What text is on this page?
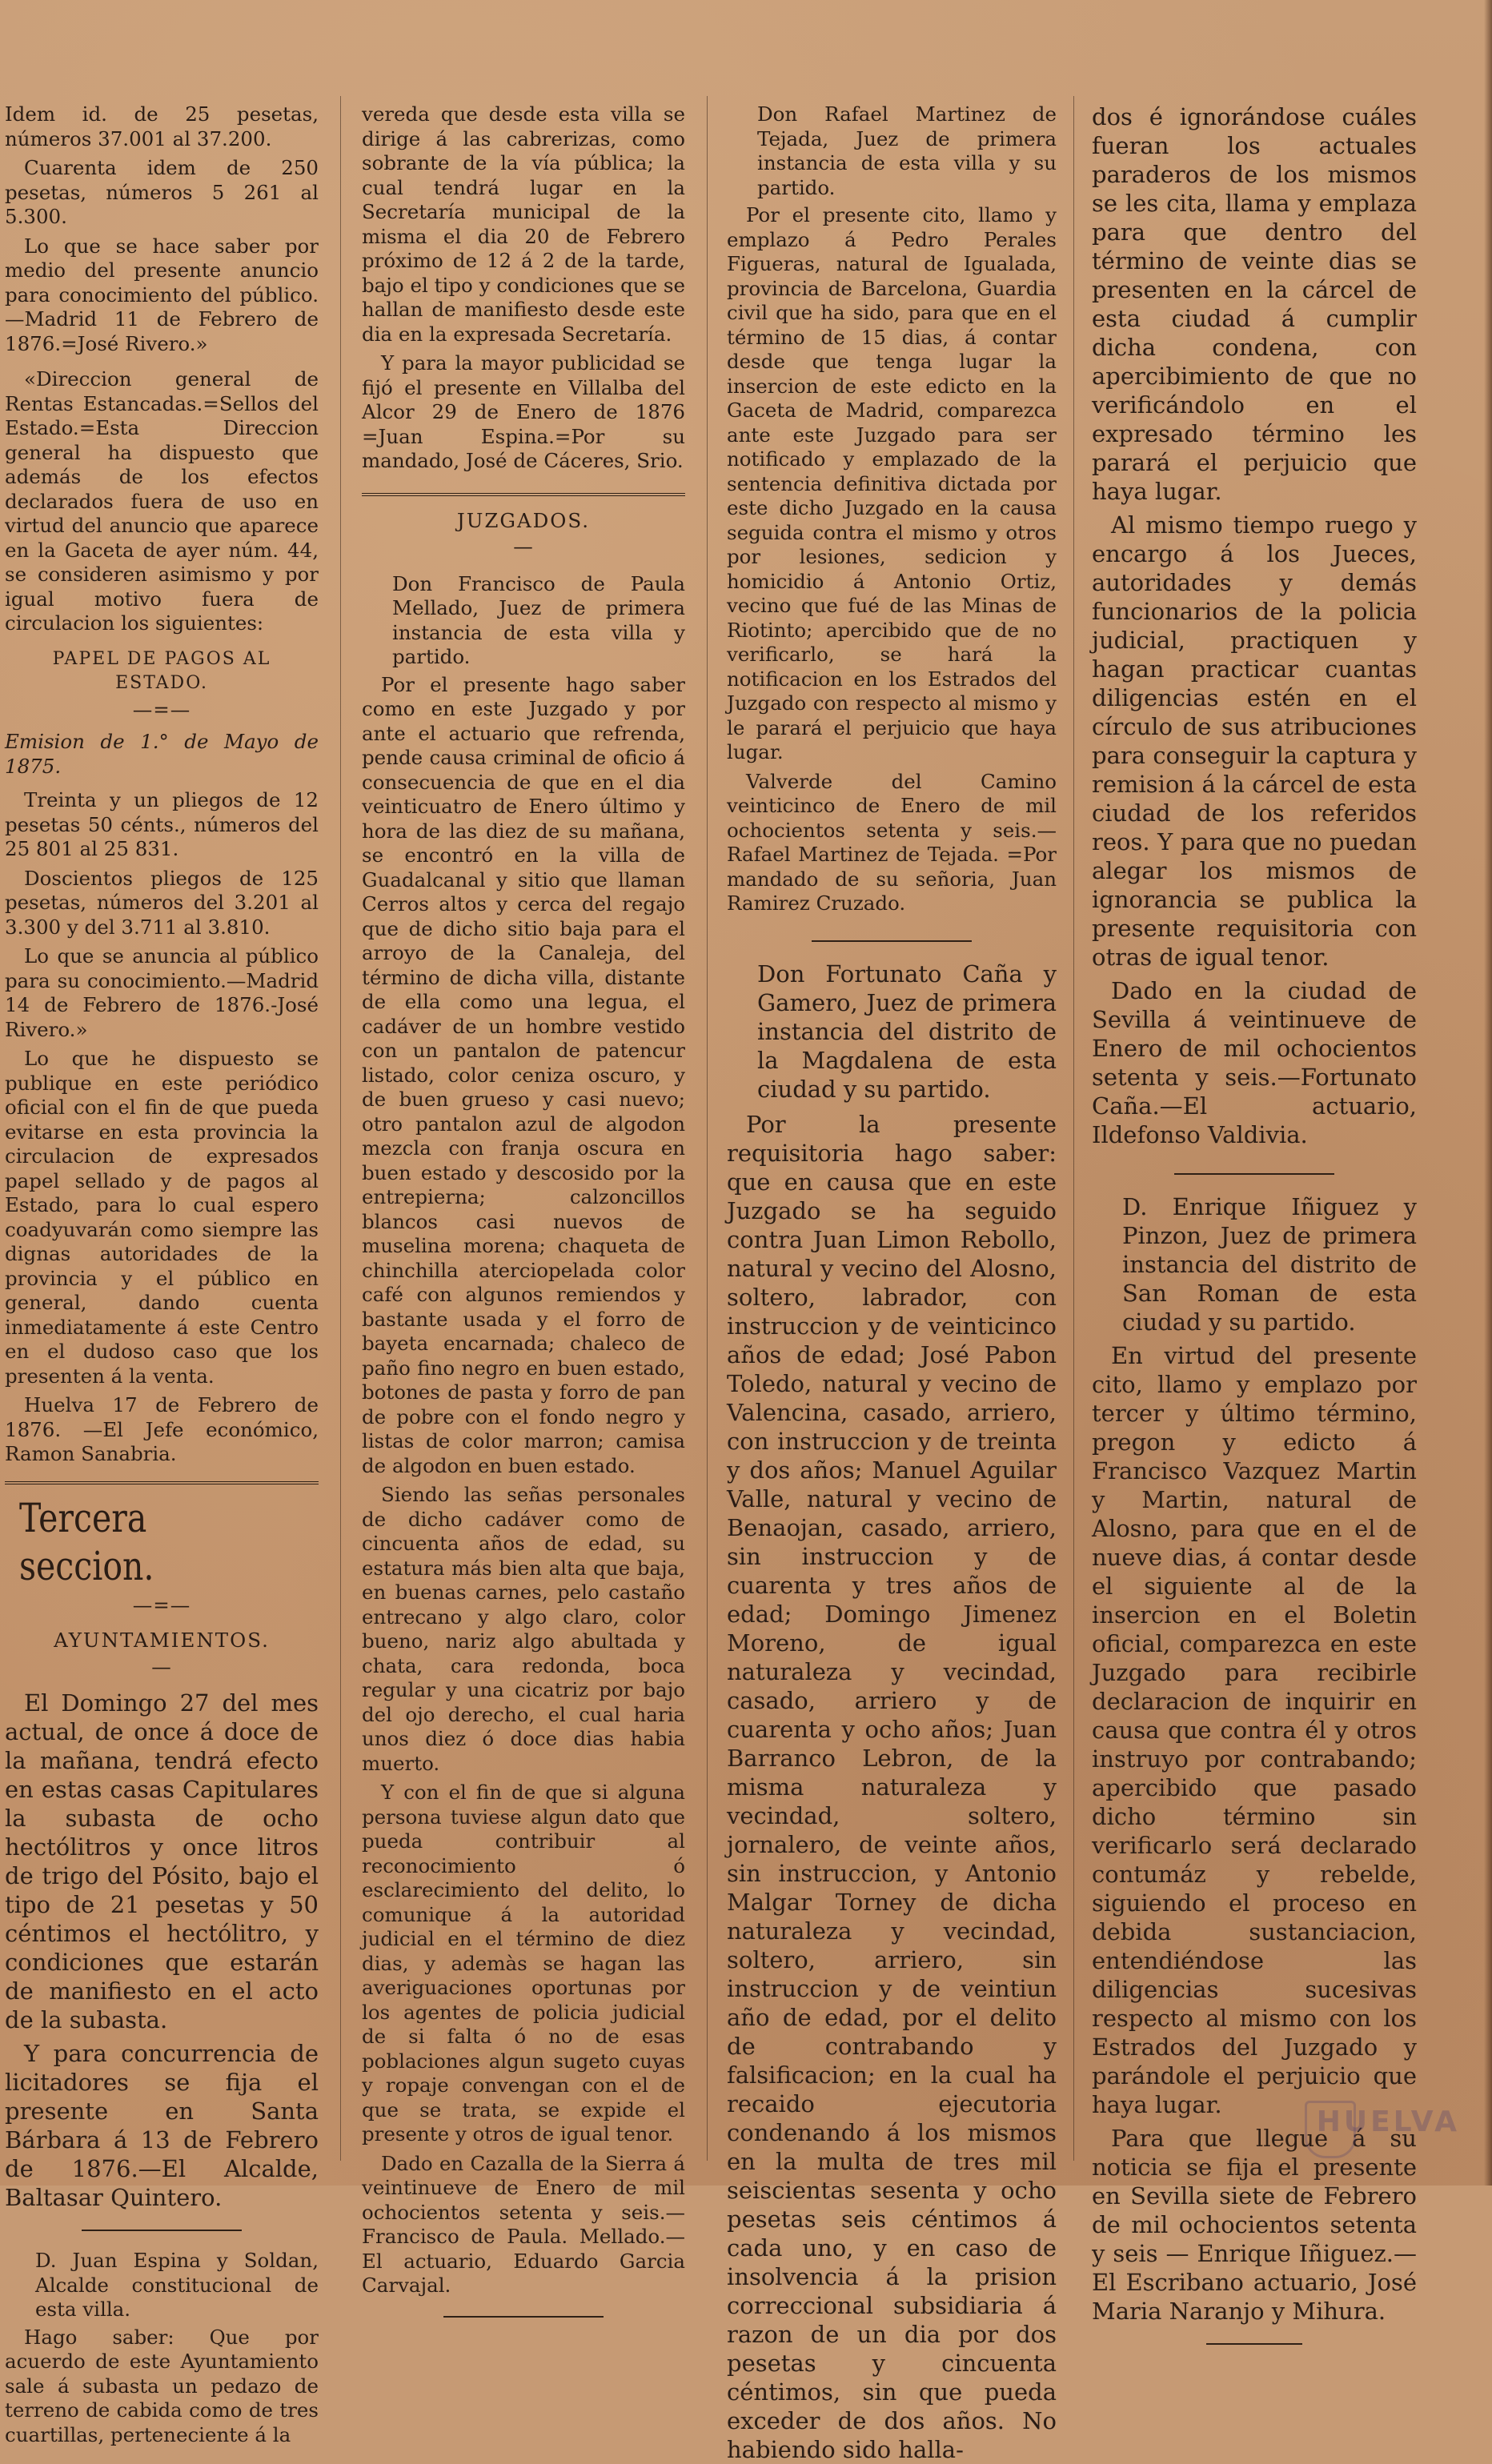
Idem id. de 25 pesetas, números 37.001 al 37.200.

Cuarenta idem de 250 pesetas, números 5 261 al 5.300.

Lo que se hace saber por medio del presente anuncio para conocimiento del público.—Madrid 11 de Febrero de 1876.=José Rivero.»

«Direccion general de Rentas Estancadas.=Sellos del Estado.=Esta Direccion general ha dispuesto que además de los efectos declarados fuera de uso en virtud del anuncio que aparece en la Gaceta de ayer núm. 44, se consideren asimismo y por igual motivo fuera de circulacion los siguientes:

PAPEL DE PAGOS AL ESTADO.
—=—

Emision de 1.° de Mayo de 1875.

Treinta y un pliegos de 12 pesetas 50 cénts., números del 25 801 al 25 831.

Doscientos pliegos de 125 pesetas, números del 3.201 al 3.300 y del 3.711 al 3.810.

Lo que se anuncia al público para su conocimiento.—Madrid 14 de Febrero de 1876.-José Rivero.»

Lo que he dispuesto se publique en este periódico oficial con el fin de que pueda evitarse en esta provincia la circulacion de expresados papel sellado y de pagos al Estado, para lo cual espero coadyuvarán como siempre las dignas autoridades de la provincia y el público en general, dando cuenta inmediatamente á este Centro en el dudoso caso que los presenten á la venta.

Huelva 17 de Febrero de 1876. —El Jefe económico, Ramon Sanabria.

Tercera seccion.
—=—
AYUNTAMIENTOS.
—

El Domingo 27 del mes actual, de once á doce de la mañana, tendrá efecto en estas casas Capitulares la subasta de ocho hectólitros y once litros de trigo del Pósito, bajo el tipo de 21 pesetas y 50 céntimos el hectólitro, y condiciones que estarán de manifiesto en el acto de la subasta.

Y para concurrencia de licitadores se fija el presente en Santa Bárbara á 13 de Febrero de 1876.—El Alcalde, Baltasar Quintero.

D. Juan Espina y Soldan, Alcalde constitucional de esta villa.

Hago saber: Que por acuerdo de este Ayuntamiento sale á subasta un pedazo de terreno de cabida como de tres cuartillas, perteneciente á la

vereda que desde esta villa se dirige á las cabrerizas, como sobrante de la vía pública; la cual tendrá lugar en la Secretaría municipal de la misma el dia 20 de Febrero próximo de 12 á 2 de la tarde, bajo el tipo y condiciones que se hallan de manifiesto desde este dia en la expresada Secretaría.

Y para la mayor publicidad se fijó el presente en Villalba del Alcor 29 de Enero de 1876 =Juan Espina.=Por su mandado, José de Cáceres, Srio.

JUZGADOS.
—

Don Francisco de Paula Mellado, Juez de primera instancia de esta villa y partido.

Por el presente hago saber como en este Juzgado y por ante el actuario que refrenda, pende causa criminal de oficio á consecuencia de que en el dia veinticuatro de Enero último y hora de las diez de su mañana, se encontró en la villa de Guadalcanal y sitio que llaman Cerros altos y cerca del regajo que de dicho sitio baja para el arroyo de la Canaleja, del término de dicha villa, distante de ella como una legua, el cadáver de un hombre vestido con un pantalon de patencur listado, color ceniza oscuro, y de buen grueso y casi nuevo; otro pantalon azul de algodon mezcla con franja oscura en buen estado y descosido por la entrepierna; calzoncillos blancos casi nuevos de muselina morena; chaqueta de chinchilla aterciopelada color café con algunos remiendos y bastante usada y el forro de bayeta encarnada; chaleco de paño fino negro en buen estado, botones de pasta y forro de pan de pobre con el fondo negro y listas de color marron; camisa de algodon en buen estado.

Siendo las señas personales de dicho cadáver como de cincuenta años de edad, su estatura más bien alta que baja, en buenas carnes, pelo castaño entrecano y algo claro, color bueno, nariz algo abultada y chata, cara redonda, boca regular y una cicatriz por bajo del ojo derecho, el cual haria unos diez ó doce dias habia muerto.

Y con el fin de que si alguna persona tuviese algun dato que pueda contribuir al reconocimiento ó esclarecimiento del delito, lo comunique á la autoridad judicial en el término de diez dias, y ademàs se hagan las averiguaciones oportunas por los agentes de policia judicial de si falta ó no de esas poblaciones algun sugeto cuyas y ropaje convengan con el de que se trata, se expide el presente y otros de igual tenor.

Dado en Cazalla de la Sierra á veintinueve de Enero de mil ochocientos setenta y seis.—Francisco de Paula. Mellado.—El actuario, Eduardo Garcia Carvajal.

Don Rafael Martinez de Tejada, Juez de primera instancia de esta villa y su partido.

Por el presente cito, llamo y emplazo á Pedro Perales Figueras, natural de Igualada, provincia de Barcelona, Guardia civil que ha sido, para que en el término de 15 dias, á contar desde que tenga lugar la insercion de este edicto en la Gaceta de Madrid, comparezca ante este Juzgado para ser notificado y emplazado de la sentencia definitiva dictada por este dicho Juzgado en la causa seguida contra el mismo y otros por lesiones, sedicion y homicidio á Antonio Ortiz, vecino que fué de las Minas de Riotinto; apercibido que de no verificarlo, se hará la notificacion en los Estrados del Juzgado con respecto al mismo y le parará el perjuicio que haya lugar.

Valverde del Camino veinticinco de Enero de mil ochocientos setenta y seis.—Rafael Martinez de Tejada. =Por mandado de su señoria, Juan Ramirez Cruzado.

Don Fortunato Caña y Gamero, Juez de primera instancia del distrito de la Magdalena de esta ciudad y su partido.

Por la presente requisitoria hago saber: que en causa que en este Juzgado se ha seguido contra Juan Limon Rebollo, natural y vecino del Alosno, soltero, labrador, con instruccion y de veinticinco años de edad; José Pabon Toledo, natural y vecino de Valencina, casado, arriero, con instruccion y de treinta y dos años; Manuel Aguilar Valle, natural y vecino de Benaojan, casado, arriero, sin instruccion y de cuarenta y tres años de edad; Domingo Jimenez Moreno, de igual naturaleza y vecindad, casado, arriero y de cuarenta y ocho años; Juan Barranco Lebron, de la misma naturaleza y vecindad, soltero, jornalero, de veinte años, sin instruccion, y Antonio Malgar Torney de dicha naturaleza y vecindad, soltero, arriero, sin instruccion y de veintiun año de edad, por el delito de contrabando y falsificacion; en la cual ha recaido ejecutoria condenando á los mismos en la multa de tres mil seiscientas sesenta y ocho pesetas seis céntimos á cada uno, y en caso de insolvencia á la prision correccional subsidiaria á razon de un dia por dos pesetas y cincuenta céntimos, sin que pueda exceder de dos años. No habiendo sido halla-

dos é ignorándose cuáles fueran los actuales paraderos de los mismos se les cita, llama y emplaza para que dentro del término de veinte dias se presenten en la cárcel de esta ciudad á cumplir dicha condena, con apercibimiento de que no verificándolo en el expresado término les parará el perjuicio que haya lugar.

Al mismo tiempo ruego y encargo á los Jueces, autoridades y demás funcionarios de la policia judicial, practiquen y hagan practicar cuantas diligencias estén en el círculo de sus atribuciones para conseguir la captura y remision á la cárcel de esta ciudad de los referidos reos. Y para que no puedan alegar los mismos de ignorancia se publica la presente requisitoria con otras de igual tenor.

Dado en la ciudad de Sevilla á veintinueve de Enero de mil ochocientos setenta y seis.—Fortunato Caña.—El actuario, Ildefonso Valdivia.

D. Enrique Iñiguez y Pinzon, Juez de primera instancia del distrito de San Roman de esta ciudad y su partido.

En virtud del presente cito, llamo y emplazo por tercer y último término, pregon y edicto á Francisco Vazquez Martin y Martin, natural de Alosno, para que en el de nueve dias, á contar desde el siguiente al de la insercion en el Boletin oficial, comparezca en este Juzgado para recibirle declaracion de inquirir en causa que contra él y otros instruyo por contrabando; apercibido que pasado dicho término sin verificarlo será declarado contumáz y rebelde, siguiendo el proceso en debida sustanciacion, entendiéndose las diligencias sucesivas respecto al mismo con los Estrados del Juzgado y parándole el perjuicio que haya lugar.

Para que llegue á su noticia se fija el presente en Sevilla siete de Febrero de mil ochocientos setenta y seis — Enrique Iñiguez.—El Escribano actuario, José Maria Naranjo y Mihura.

HUELVA
